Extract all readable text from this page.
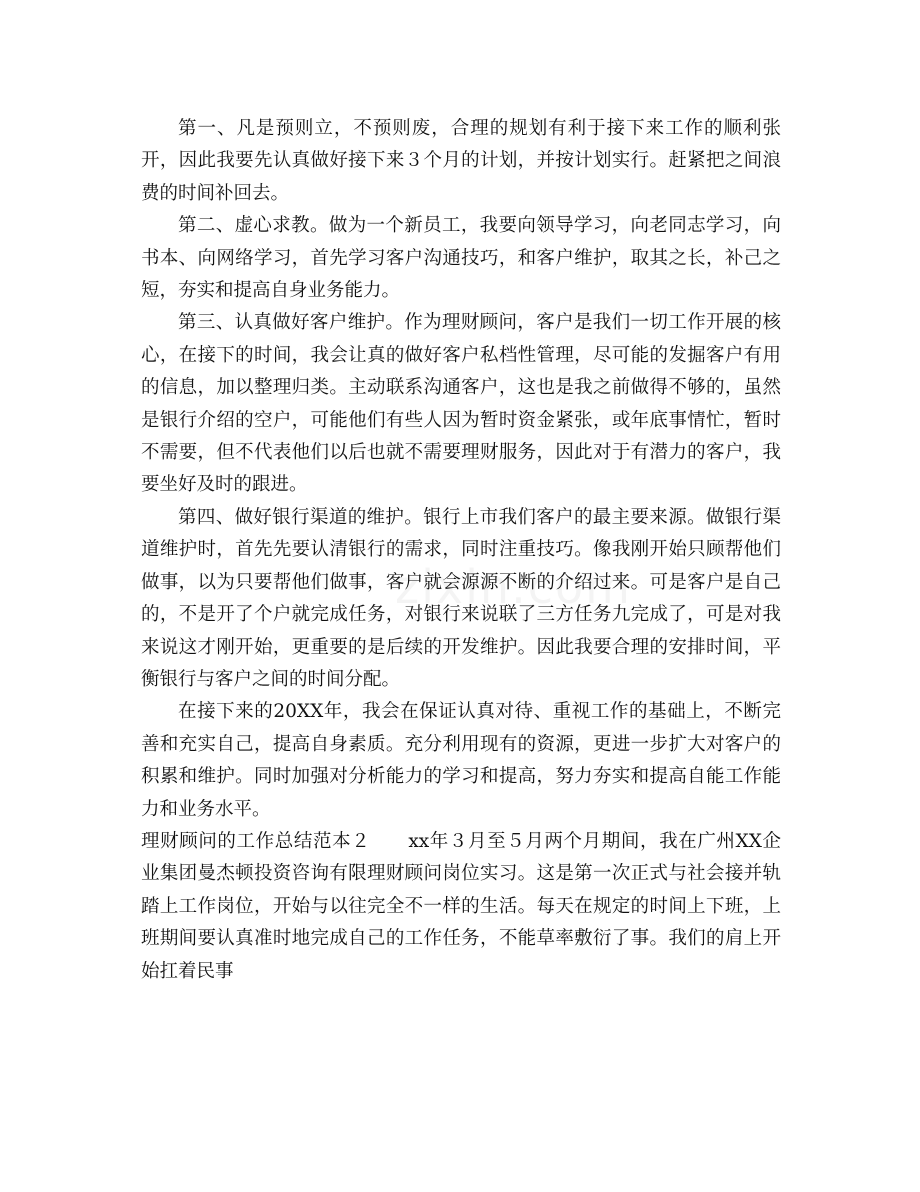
第一、凡是预则立，不预则废，合理的规划有利于接下来工作的顺利张开，因此我要先认真做好接下来３个月的计划，并按计划实行。赶紧把之间浪费的时间补回去。

第二、虚心求教。做为一个新员工，我要向领导学习，向老同志学习，向书本、向网络学习，首先学习客户沟通技巧，和客户维护，取其之长，补己之短，夯实和提高自身业务能力。

第三、认真做好客户维护。作为理财顾问，客户是我们一切工作开展的核心，在接下的时间，我会让真的做好客户私档性管理，尽可能的发掘客户有用的信息，加以整理归类。主动联系沟通客户，这也是我之前做得不够的，虽然是银行介绍的空户，可能他们有些人因为暂时资金紧张，或年底事情忙，暂时不需要，但不代表他们以后也就不需要理财服务，因此对于有潜力的客户，我要坐好及时的跟进。

第四、做好银行渠道的维护。银行上市我们客户的最主要来源。做银行渠道维护时，首先先要认清银行的需求，同时注重技巧。像我刚开始只顾帮他们做事，以为只要帮他们做事，客户就会源源不断的介绍过来。可是客户是自己的，不是开了个户就完成任务，对银行来说联了三方任务九完成了，可是对我来说这才刚开始，更重要的是后续的开发维护。因此我要合理的安排时间，平衡银行与客户之间的时间分配。

在接下来的20XX年，我会在保证认真对待、重视工作的基础上，不断完善和充实自己，提高自身素质。充分利用现有的资源，更进一步扩大对客户的积累和维护。同时加强对分析能力的学习和提高，努力夯实和提高自能工作能力和业务水平。

理财顾问的工作总结范本２ xx年３月至５月两个月期间，我在广州XX企业集团曼杰顿投资咨询有限理财顾问岗位实习。这是第一次正式与社会接并轨踏上工作岗位，开始与以往完全不一样的生活。每天在规定的时间上下班，上班期间要认真准时地完成自己的工作任务，不能草率敷衍了事。我们的肩上开始扛着民事
